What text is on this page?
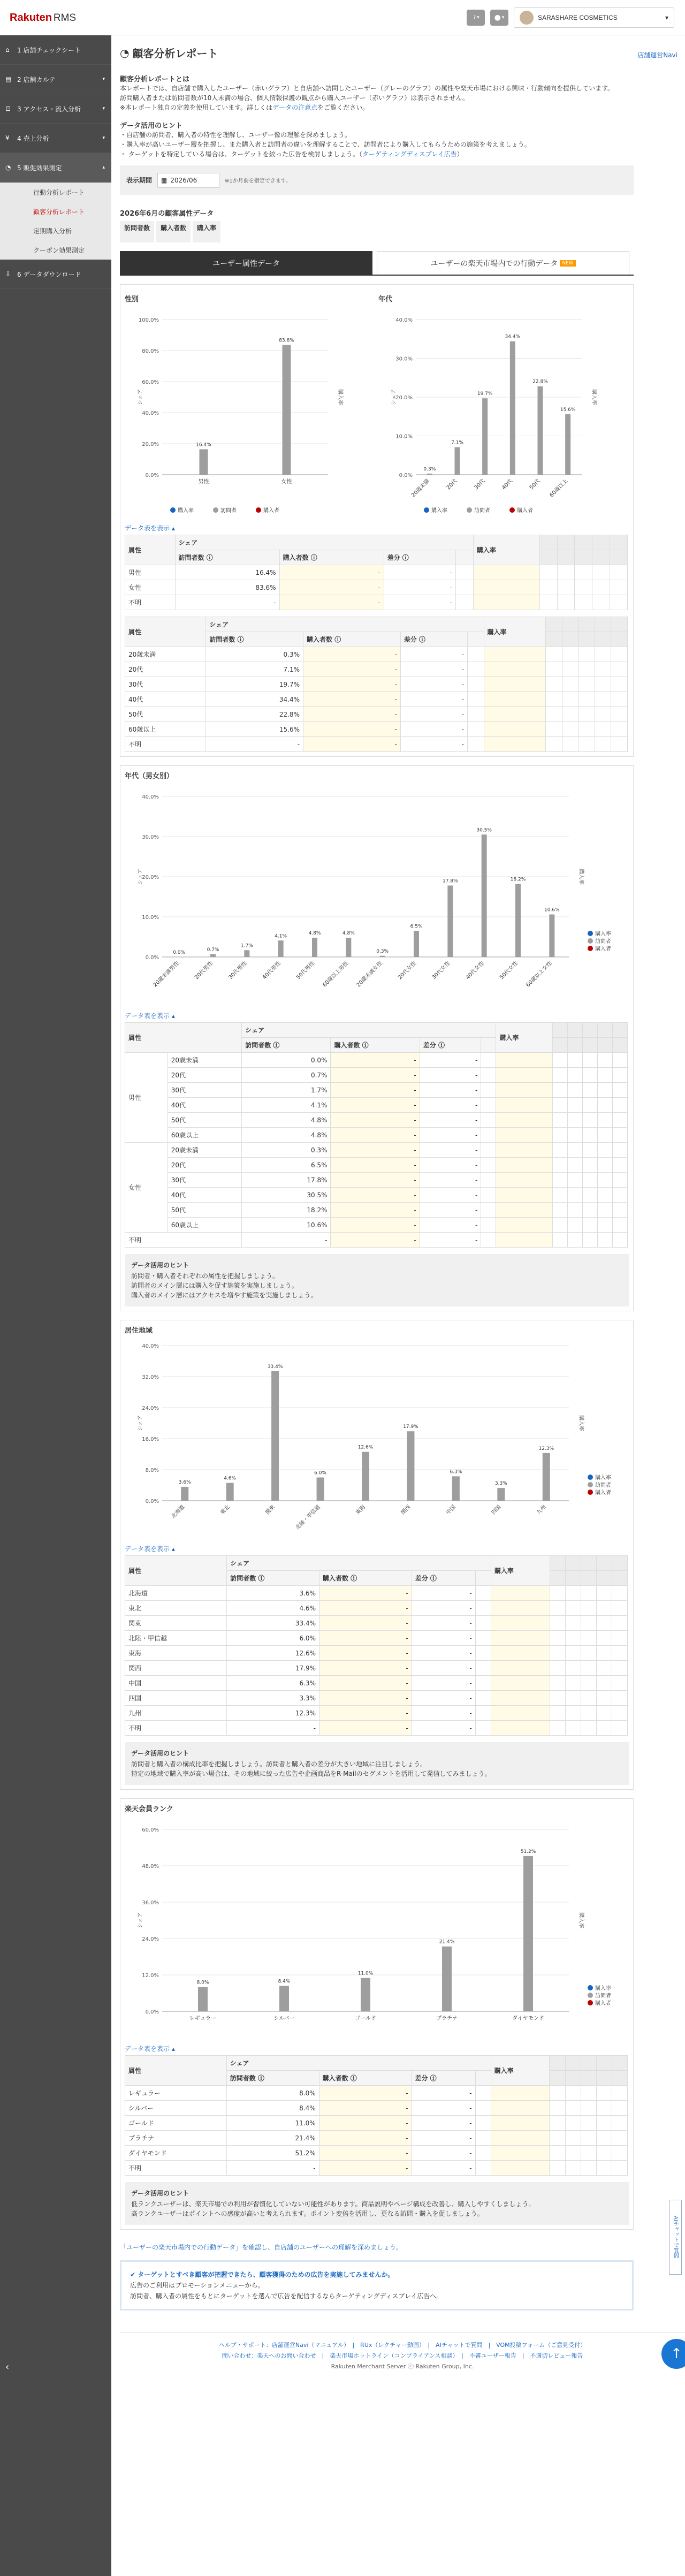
Rakuten RMS	? ▾	● ▾	SARASHARE COSMETICS	▾
⌂	1 店舗チェックシート
▤ 2 店舗カルテ	▾
⊡ 3 アクセス・流入分析	▾
¥	4 売上分析	▾
◔ 5 販促効果測定	▴
行動分析レポート
顧客分析レポート
定期購入分析
クーポン効果測定
⇩ 6 データダウンロード
‹
◔ 顧客分析レポート	店舗運営Navi
顧客分析レポートとは
本レポートでは、自店舗で購入したユーザー（赤いグラフ）と自店舗へ訪問したユーザー（グレーのグラフ）の属性や楽天市場における興味・行動傾向を提供しています。
訪問購入者または訪問者数が10人未満の場合、個人情報保護の観点から購入ユーザー（赤いグラフ）は表示されません。
※本レポート独自の定義を使用しています。詳しくはデータの注意点をご覧ください。
データ活用のヒント
・自店舗の訪問者、購入者の特性を理解し、ユーザー像の理解を深めましょう。
・購入率が高いユーザー層を把握し、また購入者と訪問者の違いを理解することで、訪問者により購入してもらうための施策を考えましょう。
・ ターゲットを特定している場合は、ターゲットを絞った広告を検討しましょう。（ターゲティングディスプレイ広告）
表示期間 ▦ 2026/06	※1か月前を指定できます。
2026年6月の顧客属性データ
訪問者数	購入者数	購入率
ユーザー属性データ	ユーザーの楽天市場内での行動データ NEW
性別
0.0%
20.0%
40.0%
60.0%
80.0%
100.0%
シェア	購入率
16.4%
男性
83.6%
女性
購入率	訪問者	購入者
年代
0.0%
10.0%
20.0%
30.0%
40.0%
シェア	購入率
0.3%
20歳未満
7.1%
20代
19.7%
30代
34.4%
40代
22.8%
50代
15.6%
60歳以上
購入率	訪問者	購入者
データ表を表示 ▴
属性	シェア				購入率					
	訪問者数 ⓘ	購入者数 ⓘ	差分 ⓘ							
男性	16.4%	-	-							
女性	83.6%	-	-							
不明	-	-	-							
属性	シェア				購入率					
	訪問者数 ⓘ	購入者数 ⓘ	差分 ⓘ							
20歳未満	0.3%	-	-							
20代	7.1%	-	-							
30代	19.7%	-	-							
40代	34.4%	-	-							
50代	22.8%	-	-							
60歳以上	15.6%	-	-							
不明	-	-	-							
年代（男女別）
0.0%
10.0%
20.0%
30.0%
40.0%
シェア	購入率
0.0%
20歳未満男性
0.7%
20代男性
1.7%
30代男性
4.1%
40代男性
4.8%
50代男性
4.8%
60歳以上男性
0.3%
20歳未満女性
6.5%
20代女性
17.8%
30代女性
30.5%
40代女性
18.2%
50代女性
10.6%
60歳以上女性
購入率
訪問者
購入者
データ表を表示 ▴
属性		シェア				購入率					
		訪問者数 ⓘ	購入者数 ⓘ	差分 ⓘ							
男性	20歳未満	0.0%	-	-							
	20代	0.7%	-	-							
	30代	1.7%	-	-							
	40代	4.1%	-	-							
	50代	4.8%	-	-							
	60歳以上	4.8%	-	-							
女性	20歳未満	0.3%	-	-							
	20代	6.5%	-	-							
	30代	17.8%	-	-							
	40代	30.5%	-	-							
	50代	18.2%	-	-							
	60歳以上	10.6%	-	-							
不明		-	-	-							
データ活用のヒント
訪問者・購入者それぞれの属性を把握しましょう。
訪問者のメイン層には購入を促す施策を実施しましょう。
購入者のメイン層にはアクセスを増やす施策を実施しましょう。
居住地域
0.0%
8.0%
16.0%
24.0%
32.0%
40.0%
シェア	購入率
3.6%
北海道
4.6%
東北
33.4%
関東
6.0%
北陸・甲信越
12.6%
東海
17.9%
関西
6.3%
中国
3.3%
四国
12.3%
九州
購入率
訪問者
購入者
データ表を表示 ▴
属性	シェア				購入率					
	訪問者数 ⓘ	購入者数 ⓘ	差分 ⓘ							
北海道	3.6%	-	-							
東北	4.6%	-	-							
関東	33.4%	-	-							
北陸・甲信越	6.0%	-	-							
東海	12.6%	-	-							
関西	17.9%	-	-							
中国	6.3%	-	-							
四国	3.3%	-	-							
九州	12.3%	-	-							
不明	-	-	-							
データ活用のヒント
訪問者と購入者の構成比率を把握しましょう。訪問者と購入者の差分が大きい地域に注目しましょう。
特定の地域で購入率が高い場合は、その地域に絞った広告や企画商品をR-Mailのセグメントを活用して発信してみましょう。
楽天会員ランク
0.0%
12.0%
24.0%
36.0%
48.0%
60.0%
シェア	購入率
8.0%
レギュラー
8.4%
シルバー
11.0%
ゴールド
21.4%
プラチナ
51.2%
ダイヤモンド
購入率
訪問者
購入者
データ表を表示 ▴
属性	シェア				購入率					
	訪問者数 ⓘ	購入者数 ⓘ	差分 ⓘ							
レギュラー	8.0%	-	-							
シルバー	8.4%	-	-							
ゴールド	11.0%	-	-							
プラチナ	21.4%	-	-							
ダイヤモンド	51.2%	-	-							
不明	-	-	-							
データ活用のヒント
低ランクユーザーは、楽天市場での利用が習慣化していない可能性があります。商品説明やページ構成を改善し、購入しやすくしましょう。
高ランクユーザーはポイントへの感度が高いと考えられます。ポイント変倍を活用し、更なる訪問・購入を促しましょう。
「ユーザーの楽天市場内での行動データ」を確認し、自店舗のユーザーへの理解を深めましょう。
✔ ターゲットとすべき顧客が把握できたら、顧客獲得のための広告を実施してみませんか。
広告のご利用はプロモーションメニューから。
訪問者、購入者の属性をもとにターゲットを選んで広告を配信するならターゲティングディスプレイ広告へ。
ヘルプ・サポート：店舗運営Navi（マニュアル）　|　RUx（レクチャー動画）　|　AIチャットで質問　|　VOM投稿フォーム（ご意見受付）
問い合わせ：楽天へのお問い合わせ　|　楽天市場ホットライン（コンプライアンス相談）　|　不審ユーザー報告　|　不適切レビュー報告
Rakuten Merchant Server ⓒ Rakuten Group, Inc.
↑
AIチャットで質問
